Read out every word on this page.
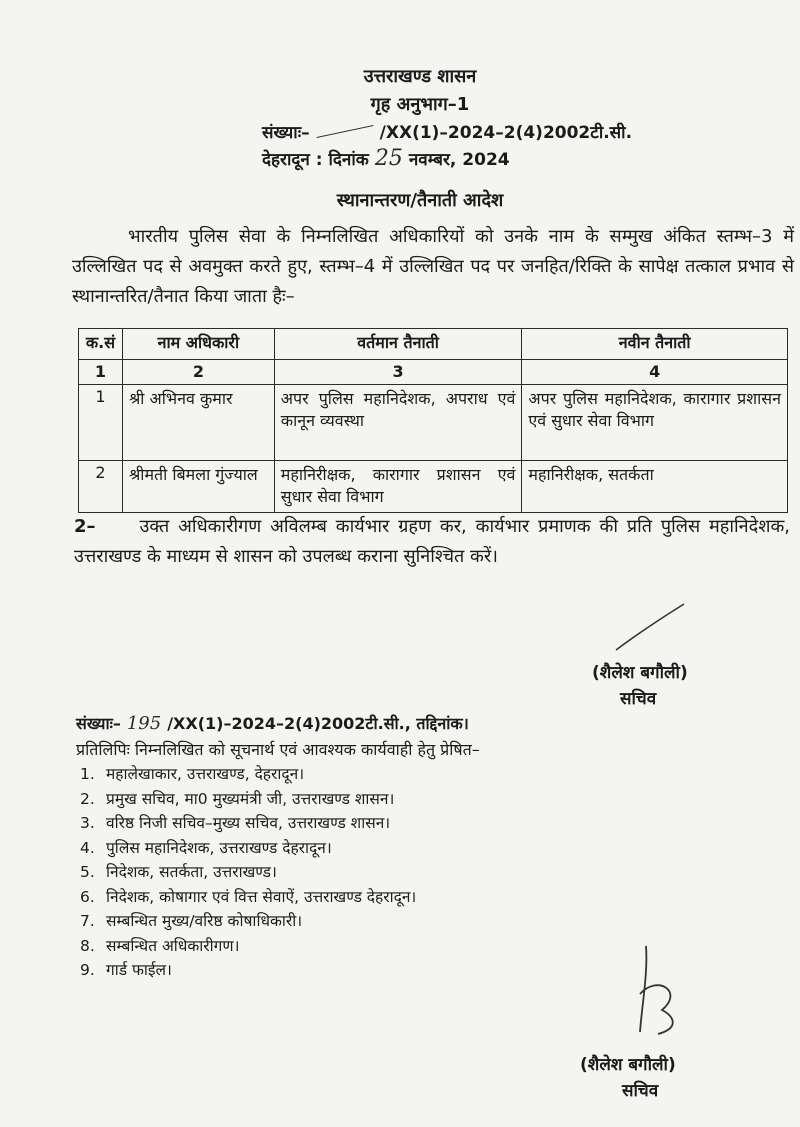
उत्तराखण्ड शासन
गृह अनुभाग–1
संख्याः–	/XX(1)–2024–2(4)2002टी.सी.
देहरादून : दिनांक 25 नवम्बर, 2024
स्थानान्तरण/तैनाती आदेश
भारतीय पुलिस सेवा के निम्नलिखित अधिकारियों को उनके नाम के सम्मुख अंकित स्तम्भ–3 में उल्लिखित पद से अवमुक्त करते हुए, स्तम्भ–4 में उल्लिखित पद पर जनहित/रिक्ति के सापेक्ष तत्काल प्रभाव से स्थानान्तरित/तैनात किया जाता हैः–
क.सं	नाम अधिकारी	वर्तमान तैनाती	नवीन तैनाती
1	2	3	4
1	श्री अभिनव कुमार	अपर पुलिस महानिदेशक, अपराध एवं कानून व्यवस्था	अपर पुलिस महानिदेशक, कारागार प्रशासन एवं सुधार सेवा विभाग
2	श्रीमती बिमला गुंज्याल	महानिरीक्षक, कारागार प्रशासन एवं सुधार सेवा विभाग	महानिरीक्षक, सतर्कता
2– उक्त अधिकारीगण अविलम्ब कार्यभार ग्रहण कर, कार्यभार प्रमाणक की प्रति पुलिस महानिदेशक, उत्तराखण्ड के माध्यम से शासन को उपलब्ध कराना सुनिश्चित करें।
(शैलेश बगौली)
सचिव
संख्याः– 195 /XX(1)–2024–2(4)2002टी.सी., तद्दिनांक।
प्रतिलिपिः निम्नलिखित को सूचनार्थ एवं आवश्यक कार्यवाही हेतु प्रेषित–
1. महालेखाकार, उत्तराखण्ड, देहरादून।
2. प्रमुख सचिव, मा0 मुख्यमंत्री जी, उत्तराखण्ड शासन।
3. वरिष्ठ निजी सचिव–मुख्य सचिव, उत्तराखण्ड शासन।
4. पुलिस महानिदेशक, उत्तराखण्ड देहरादून।
5. निदेशक, सतर्कता, उत्तराखण्ड।
6. निदेशक, कोषागार एवं वित्त सेवाऐं, उत्तराखण्ड देहरादून।
7. सम्बन्धित मुख्य/वरिष्ठ कोषाधिकारी।
8. सम्बन्धित अधिकारीगण।
9. गार्ड फाईल।
(शैलेश बगौली)
सचिव
